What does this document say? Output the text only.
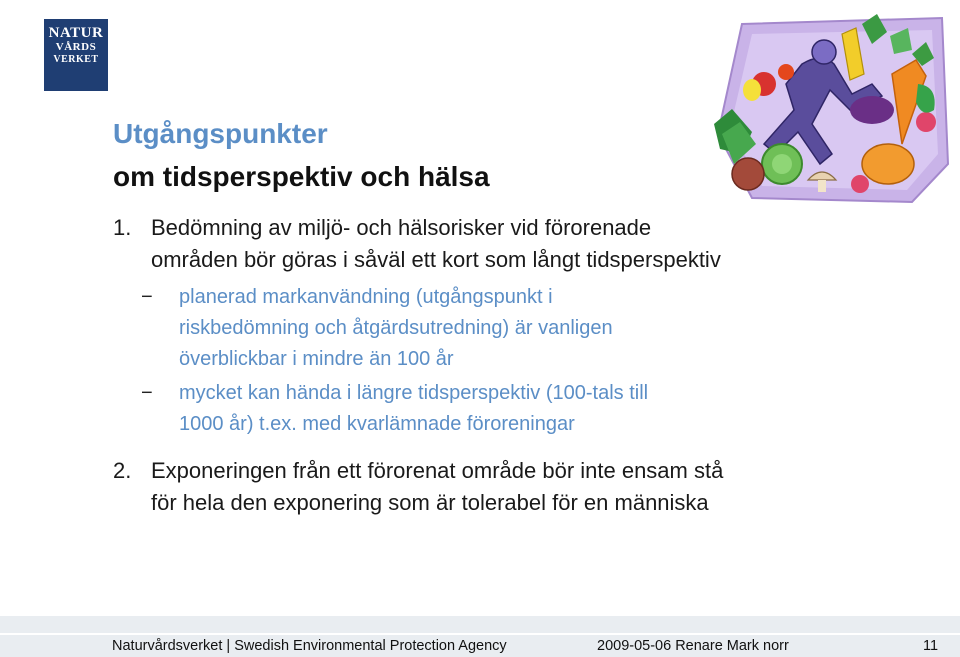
NATUR
VÅRDS
VERKET
Utgångspunkter
om tidsperspektiv och hälsa
1. Bedömning av miljö- och hälsorisker vid förorenade
områden bör göras i såväl ett kort som långt tidsperspektiv
− planerad markanvändning (utgångspunkt i
riskbedömning och åtgärdsutredning) är vanligen
överblickbar i mindre än 100 år
− mycket kan hända i längre tidsperspektiv (100-tals till
1000 år) t.ex. med kvarlämnade föroreningar
2. Exponeringen från ett förorenat område bör inte ensam stå
för hela den exponering som är tolerabel för en människa
Naturvårdsverket | Swedish Environmental Protection Agency	2009-05-06 Renare Mark norr	11
